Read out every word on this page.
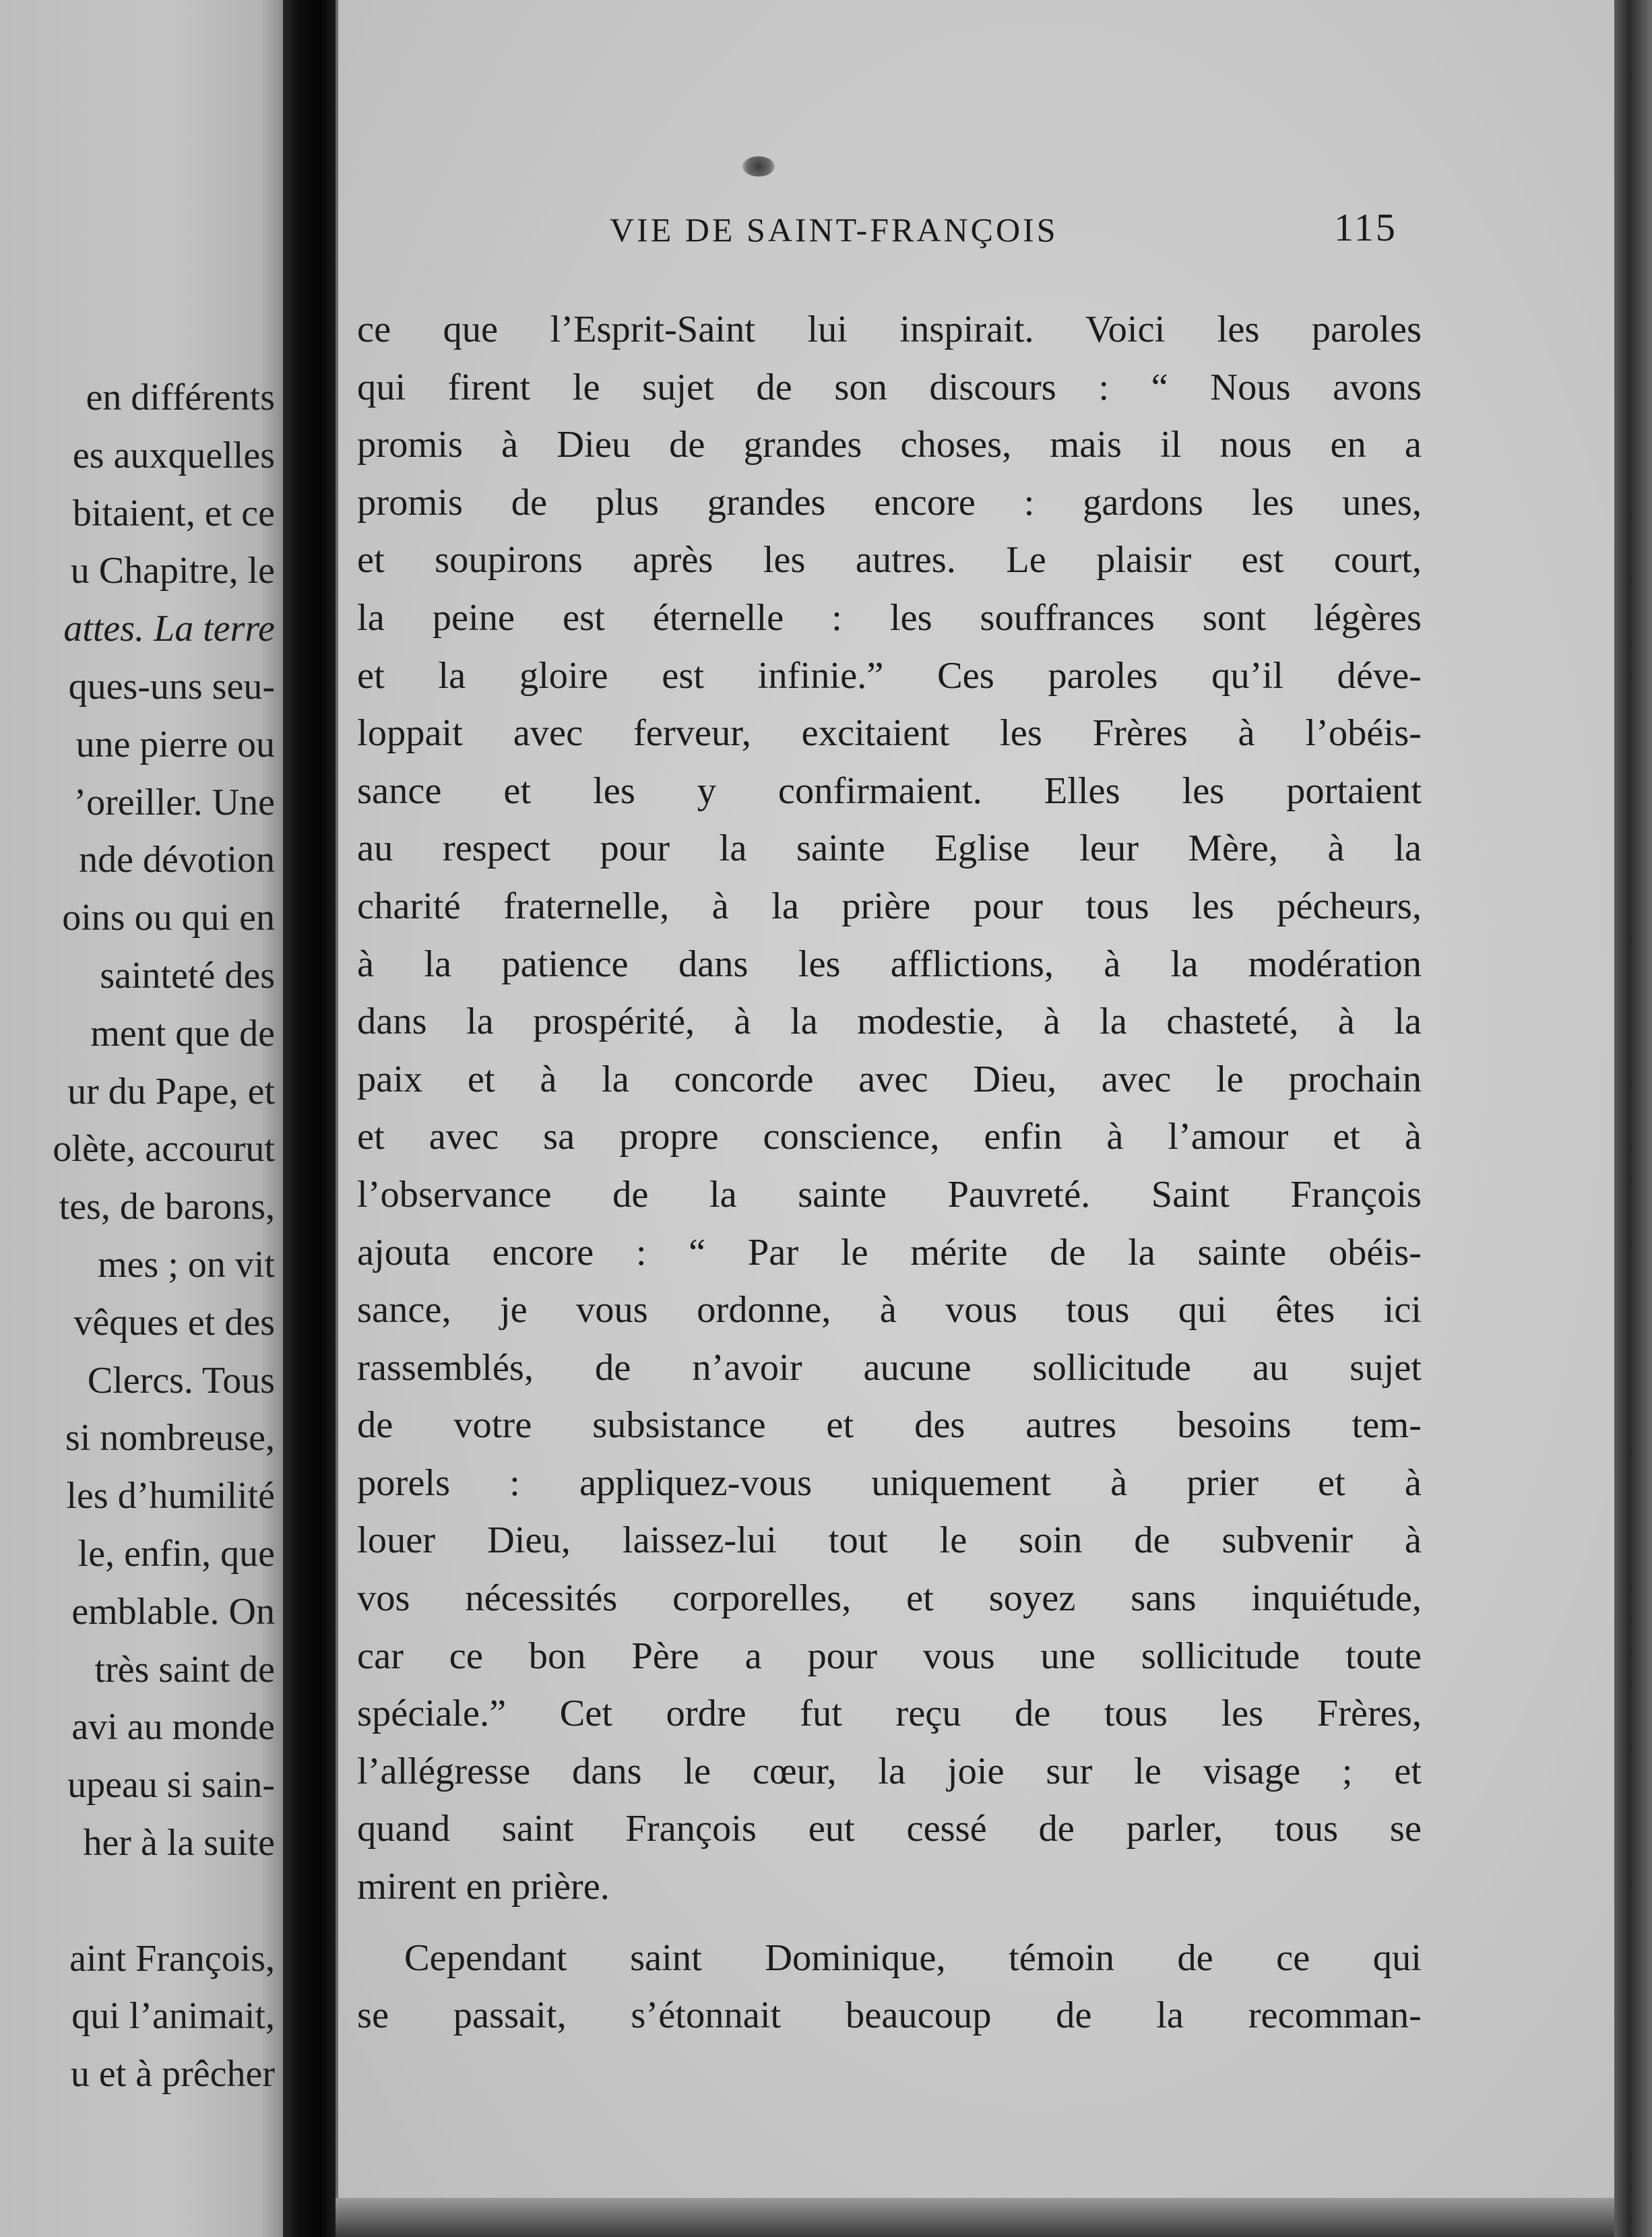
en différents
es auxquelles
bitaient, et ce
u Chapitre, le
attes. La terre
ques-uns seu-
une pierre ou
’oreiller. Une
nde dévotion
oins ou qui en
sainteté des
ment que de
ur du Pape, et
olète, accourut
tes, de barons,
mes ; on vit
vêques et des
Clercs. Tous
si nombreuse,
les d’humilité
le, enfin, que
emblable. On
très saint de
avi au monde
upeau si sain-
her à la suite
aint François,
qui l’animait,
u et à prêcher
VIE DE SAINT-FRANÇOIS	115
ce que l’Esprit-Saint lui inspirait. Voici les paroles
qui firent le sujet de son discours : “ Nous avons
promis à Dieu de grandes choses, mais il nous en a
promis de plus grandes encore : gardons les unes,
et soupirons après les autres. Le plaisir est court,
la peine est éternelle : les souffrances sont légères
et la gloire est infinie.” Ces paroles qu’il déve-
loppait avec ferveur, excitaient les Frères à l’obéis-
sance et les y confirmaient. Elles les portaient
au respect pour la sainte Eglise leur Mère, à la
charité fraternelle, à la prière pour tous les pécheurs,
à la patience dans les afflictions, à la modération
dans la prospérité, à la modestie, à la chasteté, à la
paix et à la concorde avec Dieu, avec le prochain
et avec sa propre conscience, enfin à l’amour et à
l’observance de la sainte Pauvreté. Saint François
ajouta encore : “ Par le mérite de la sainte obéis-
sance, je vous ordonne, à vous tous qui êtes ici
rassemblés, de n’avoir aucune sollicitude au sujet
de votre subsistance et des autres besoins tem-
porels : appliquez-vous uniquement à prier et à
louer Dieu, laissez-lui tout le soin de subvenir à
vos nécessités corporelles, et soyez sans inquiétude,
car ce bon Père a pour vous une sollicitude toute
spéciale.” Cet ordre fut reçu de tous les Frères,
l’allégresse dans le cœur, la joie sur le visage ; et
quand saint François eut cessé de parler, tous se
mirent en prière.
Cependant saint Dominique, témoin de ce qui
se passait, s’étonnait beaucoup de la recomman-
